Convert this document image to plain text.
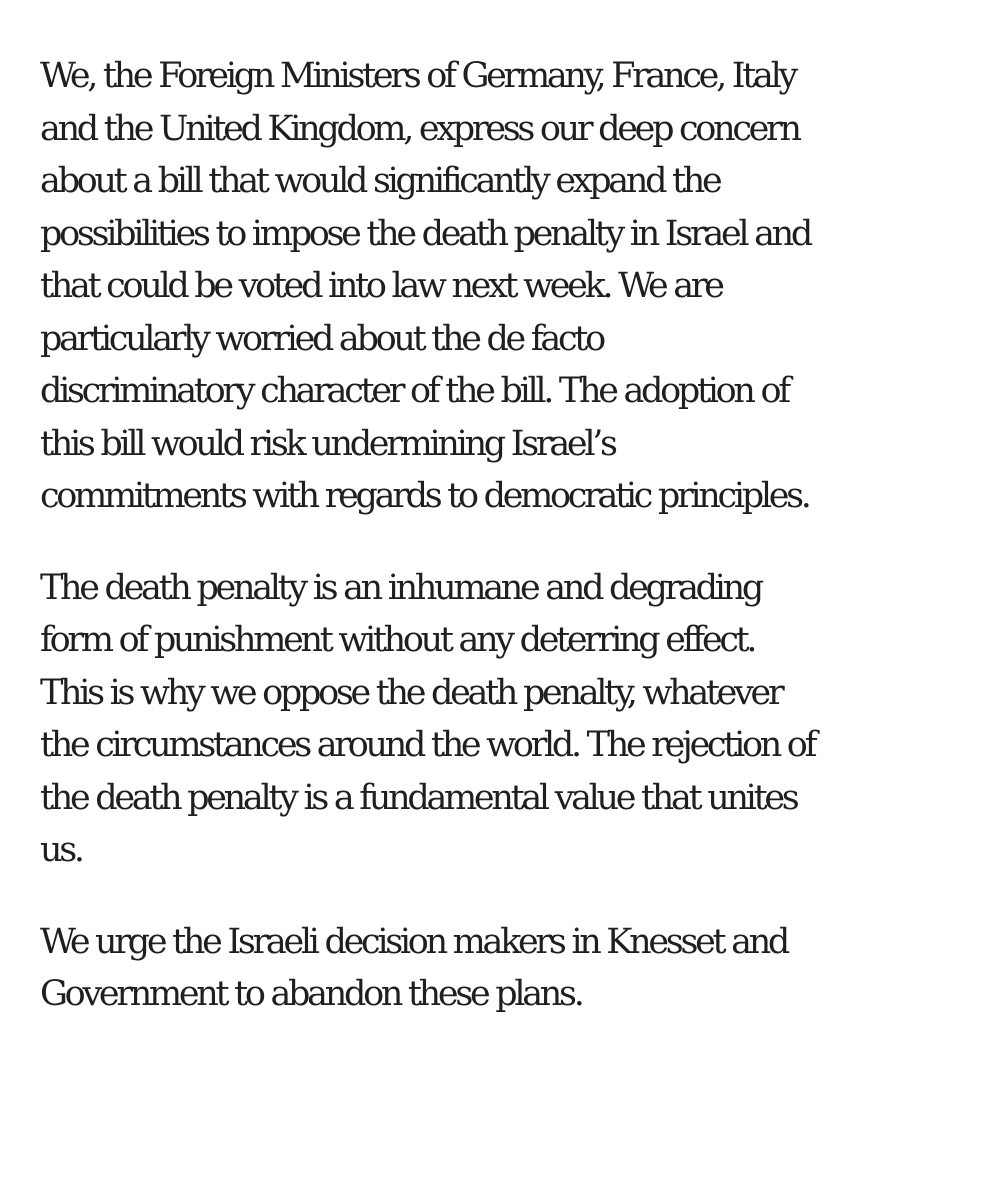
We, the Foreign Ministers of Germany, France, Italy
and the United Kingdom, express our deep concern
about a bill that would significantly expand the
possibilities to impose the death penalty in Israel and
that could be voted into law next week. We are
particularly worried about the de facto
discriminatory character of the bill. The adoption of
this bill would risk undermining Israel’s
commitments with regards to democratic principles.

The death penalty is an inhumane and degrading
form of punishment without any deterring effect.
This is why we oppose the death penalty, whatever
the circumstances around the world. The rejection of
the death penalty is a fundamental value that unites
us.

We urge the Israeli decision makers in Knesset and
Government to abandon these plans.
